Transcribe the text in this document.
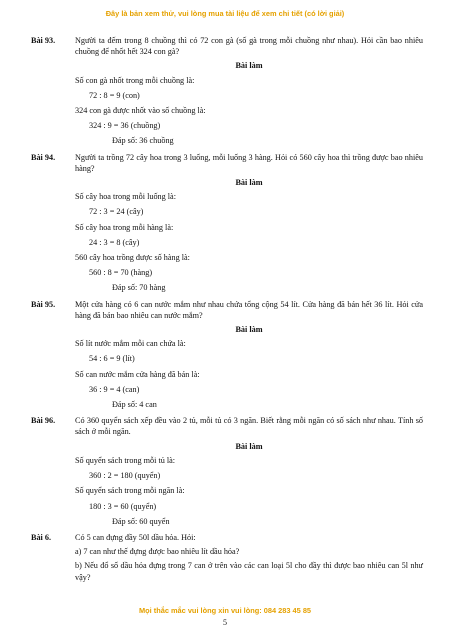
Đây là bản xem thử, vui lòng mua tài liệu để xem chi tiết (có lời giải)
Bài 93. Người ta đếm trong 8 chuồng thì có 72 con gà (số gà trong mỗi chuồng như nhau). Hỏi cần bao nhiêu chuồng để nhốt hết 324 con gà?
Bài làm
Số con gà nhốt trong mỗi chuồng là:
72 : 8 = 9 (con)
324 con gà được nhốt vào số chuồng là:
324 : 9 = 36 (chuồng)
Đáp số: 36 chuồng
Bài 94. Người ta trồng 72 cây hoa trong 3 luống, mỗi luống 3 hàng. Hỏi có 560 cây hoa thì trồng được bao nhiêu hàng?
Bài làm
Số cây hoa trong mỗi luống là:
72 : 3 = 24 (cây)
Số cây hoa trong mỗi hàng là:
24 : 3 = 8 (cây)
560 cây hoa trồng được số hàng là:
560 : 8 = 70 (hàng)
Đáp số: 70 hàng
Bài 95. Một cửa hàng có 6 can nước mắm như nhau chứa tổng cộng 54 lít. Cửa hàng đã bán hết 36 lít. Hỏi cửa hàng đã bán bao nhiêu can nước mắm?
Bài làm
Số lít nước mắm mỗi can chứa là:
54 : 6 = 9 (lít)
Số can nước mắm cửa hàng đã bán là:
36 : 9 = 4 (can)
Đáp số: 4 can
Bài 96. Có 360 quyển sách xếp đều vào 2 tủ, mỗi tủ có 3 ngăn. Biết rằng mỗi ngăn có số sách như nhau. Tính số sách ở mỗi ngăn.
Bài làm
Số quyển sách trong mỗi tủ là:
360 : 2 = 180 (quyển)
Số quyển sách trong mỗi ngăn là:
180 : 3 = 60 (quyển)
Đáp số: 60 quyển
Bài 6.	Có 5 can đựng đầy 50l dầu hỏa. Hỏi:
a) 7 can như thế đựng được bao nhiêu lít dầu hỏa?
b) Nếu đổ số dầu hỏa đựng trong 7 can ở trên vào các can loại 5l cho đầy thì được bao nhiêu can 5l như vậy?
Mọi thắc mắc vui lòng xin vui lòng: 084 283 45 85
5
